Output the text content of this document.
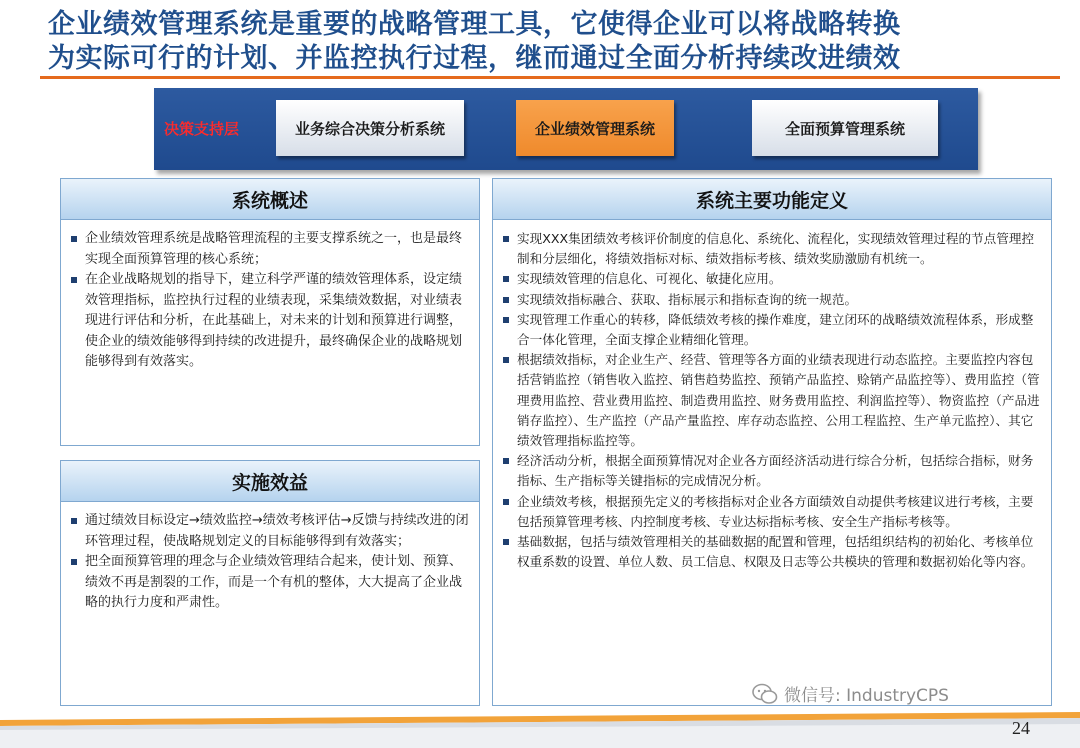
企业绩效管理系统是重要的战略管理工具，它使得企业可以将战略转换
为实际可行的计划、并监控执行过程，继而通过全面分析持续改进绩效
决策支持层	业务综合决策分析系统	企业绩效管理系统	全面预算管理系统
系统概述
企业绩效管理系统是战略管理流程的主要支撑系统之一，也是最终实现全面预算管理的核心系统；
在企业战略规划的指导下，建立科学严谨的绩效管理体系，设定绩效管理指标，监控执行过程的业绩表现，采集绩效数据，对业绩表现进行评估和分析，在此基础上，对未来的计划和预算进行调整，使企业的绩效能够得到持续的改进提升，最终确保企业的战略规划能够得到有效落实。
实施效益
通过绩效目标设定→绩效监控→绩效考核评估→反馈与持续改进的闭环管理过程，使战略规划定义的目标能够得到有效落实；
把全面预算管理的理念与企业绩效管理结合起来，使计划、预算、绩效不再是割裂的工作，而是一个有机的整体，大大提高了企业战略的执行力度和严肃性。
系统主要功能定义
实现XXX集团绩效考核评价制度的信息化、系统化、流程化，实现绩效管理过程的节点管理控制和分层细化，将绩效指标对标、绩效指标考核、绩效奖励激励有机统一。
实现绩效管理的信息化、可视化、敏捷化应用。
实现绩效指标融合、获取、指标展示和指标查询的统一规范。
实现管理工作重心的转移，降低绩效考核的操作难度，建立闭环的战略绩效流程体系，形成整合一体化管理，全面支撑企业精细化管理。
根据绩效指标，对企业生产、经营、管理等各方面的业绩表现进行动态监控。主要监控内容包括营销监控（销售收入监控、销售趋势监控、预销产品监控、赊销产品监控等）、费用监控（管理费用监控、营业费用监控、制造费用监控、财务费用监控、利润监控等）、物资监控（产品进销存监控）、生产监控（产品产量监控、库存动态监控、公用工程监控、生产单元监控）、其它绩效管理指标监控等。
经济活动分析，根据全面预算情况对企业各方面经济活动进行综合分析，包括综合指标，财务指标、生产指标等关键指标的完成情况分析。
企业绩效考核，根据预先定义的考核指标对企业各方面绩效自动提供考核建议进行考核，主要包括预算管理考核、内控制度考核、专业达标指标考核、安全生产指标考核等。
基础数据，包括与绩效管理相关的基础数据的配置和管理，包括组织结构的初始化、考核单位权重系数的设置、单位人数、员工信息、权限及日志等公共模块的管理和数据初始化等内容。
微信号: IndustryCPS
24
